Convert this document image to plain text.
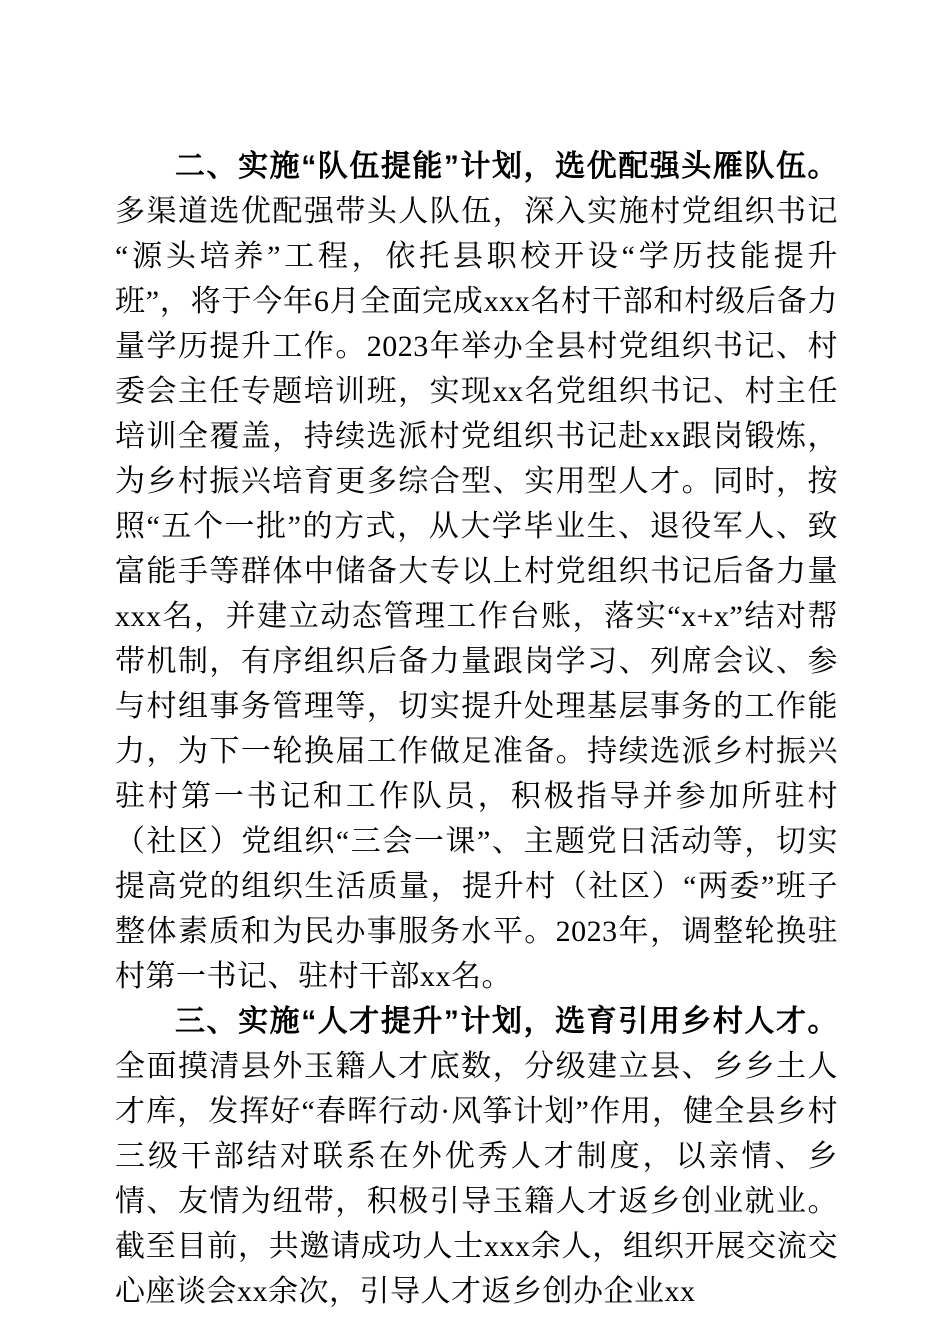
二、实施“队伍提能”计划，选优配强头雁队伍。多渠道选优配强带头人队伍，深入实施村党组织书记“源头培养”工程，依托县职校开设“学历技能提升班”，将于今年6月全面完成xxx名村干部和村级后备力量学历提升工作。2023年举办全县村党组织书记、村委会主任专题培训班，实现xx名党组织书记、村主任培训全覆盖，持续选派村党组织书记赴xx跟岗锻炼，为乡村振兴培育更多综合型、实用型人才。同时，按照“五个一批”的方式，从大学毕业生、退役军人、致富能手等群体中储备大专以上村党组织书记后备力量xxx名，并建立动态管理工作台账，落实“x+x”结对帮带机制，有序组织后备力量跟岗学习、列席会议、参与村组事务管理等，切实提升处理基层事务的工作能力，为下一轮换届工作做足准备。持续选派乡村振兴驻村第一书记和工作队员，积极指导并参加所驻村（社区）党组织“三会一课”、主题党日活动等，切实提高党的组织生活质量，提升村（社区）“两委”班子整体素质和为民办事服务水平。2023年，调整轮换驻村第一书记、驻村干部xx名。

三、实施“人才提升”计划，选育引用乡村人才。全面摸清县外玉籍人才底数，分级建立县、乡乡土人才库，发挥好“春晖行动·风筝计划”作用，健全县乡村三级干部结对联系在外优秀人才制度，以亲情、乡情、友情为纽带，积极引导玉籍人才返乡创业就业。截至目前，共邀请成功人士xxx余人，组织开展交流交心座谈会xx余次，引导人才返乡创办企业xx
